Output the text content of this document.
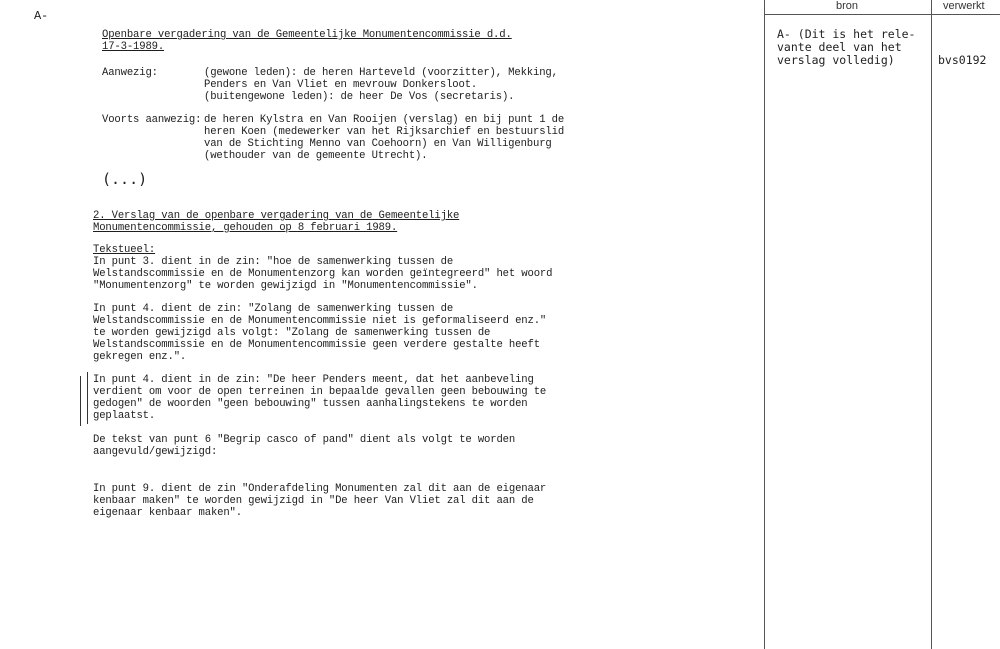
A-
Openbare vergadering van de Gemeentelijke Monumentencommissie d.d.
17-3-1989.
Aanwezig:	(gewone leden): de heren Harteveld (voorzitter), Mekking,
Penders en Van Vliet en mevrouw Donkersloot.
(buitengewone leden): de heer De Vos (secretaris).
Voorts aanwezig: de heren Kylstra en Van Rooijen (verslag) en bij punt 1 de
heren Koen (medewerker van het Rijksarchief en bestuurslid
van de Stichting Menno van Coehoorn) en Van Willigenburg
(wethouder van de gemeente Utrecht).
(...)
2. Verslag van de openbare vergadering van de Gemeentelijke
Monumentencommissie, gehouden op 8 februari 1989.
Tekstueel:
In punt 3. dient in de zin: "hoe de samenwerking tussen de
Welstandscommissie en de Monumentenzorg kan worden geïntegreerd" het woord
"Monumentenzorg" te worden gewijzigd in "Monumentencommissie".
In punt 4. dient de zin: "Zolang de samenwerking tussen de
Welstandscommissie en de Monumentencommissie niet is geformaliseerd enz."
te worden gewijzigd als volgt: "Zolang de samenwerking tussen de
Welstandscommissie en de Monumentencommissie geen verdere gestalte heeft
gekregen enz.".
In punt 4. dient in de zin: "De heer Penders meent, dat het aanbeveling
verdient om voor de open terreinen in bepaalde gevallen geen bebouwing te
gedogen" de woorden "geen bebouwing" tussen aanhalingstekens te worden
geplaatst.
De tekst van punt 6 "Begrip casco of pand" dient als volgt te worden
aangevuld/gewijzigd:
In punt 9. dient de zin "Onderafdeling Monumenten zal dit aan de eigenaar
kenbaar maken" te worden gewijzigd in "De heer Van Vliet zal dit aan de
eigenaar kenbaar maken".
bron	verwerkt
A- (Dit is het rele-
vante deel van het
verslag volledig)	bvs0192
